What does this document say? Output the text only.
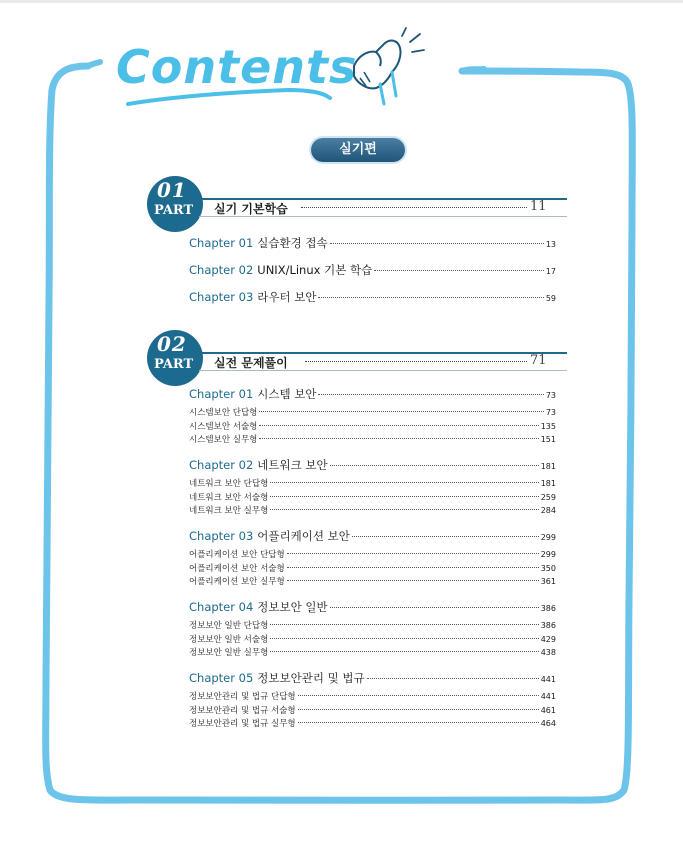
Contents
실기편
01
PART 실기 기본학습	11
Chapter 01 실습환경 접속	13
Chapter 02 UNIX/Linux 기본 학습	17
Chapter 03 라우터 보안	59
02
PART 실전 문제풀이	71
Chapter 01 시스템 보안	73
시스템보안 단답형	73
시스템보안 서술형	135
시스템보안 실무형	151
Chapter 02 네트워크 보안	181
네트워크 보안 단답형	181
네트워크 보안 서술형	259
네트워크 보안 실무형	284
Chapter 03 어플리케이션 보안	299
어플리케이션 보안 단답형	299
어플리케이션 보안 서술형	350
어플리케이션 보안 실무형	361
Chapter 04 정보보안 일반	386
정보보안 일반 단답형	386
정보보안 일반 서술형	429
정보보안 일반 실무형	438
Chapter 05 정보보안관리 및 법규	441
정보보안관리 및 법규 단답형	441
정보보안관리 및 법규 서술형	461
정보보안관리 및 법규 실무형	464
